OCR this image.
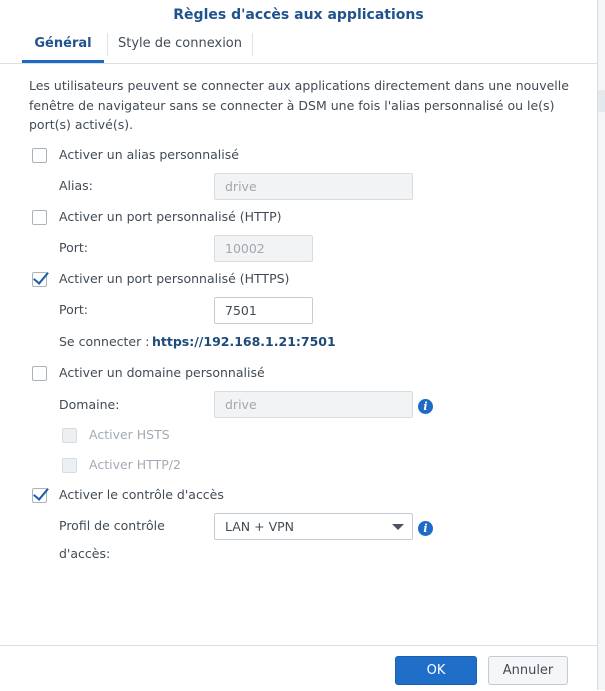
Règles d'accès aux applications
Général	Style de connexion
Les utilisateurs peuvent se connecter aux applications directement dans une nouvelle fenêtre de navigateur sans se connecter à DSM une fois l'alias personnalisé ou le(s) port(s) activé(s).
Activer un alias personnalisé
Alias:	drive
Activer un port personnalisé (HTTP)
Port:	10002
Activer un port personnalisé (HTTPS)
Port:	7501
Se connecter : https://192.168.1.21:7501
Activer un domaine personnalisé
Domaine:	drive	i
Activer HSTS
Activer HTTP/2
Activer le contrôle d'accès
Profil de contrôle
d'accès:
LAN + VPN	i
OK	Annuler
